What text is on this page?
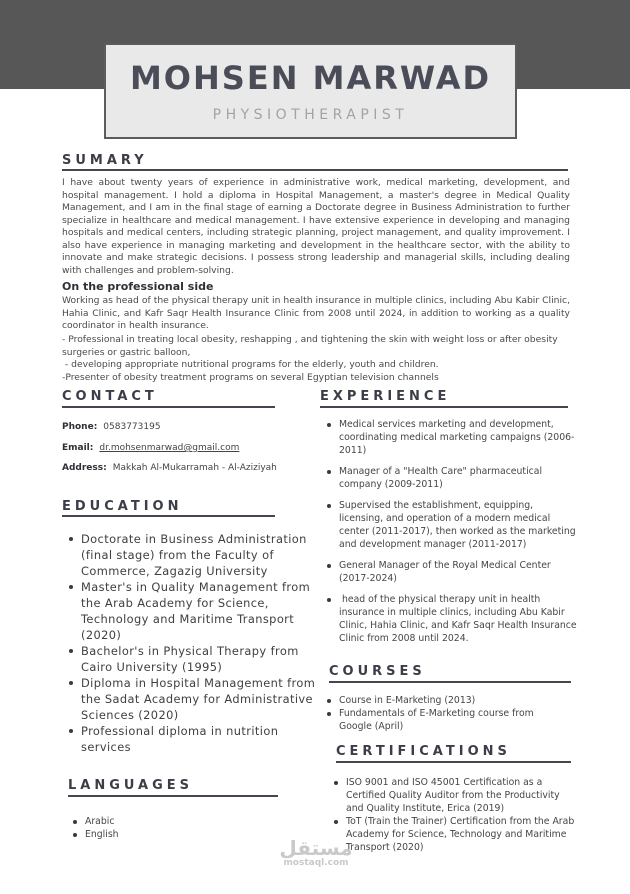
MOHSEN MARWAD
PHYSIOTHERAPIST
SUMARY
I have about twenty years of experience in administrative work, medical marketing, development, and hospital management. I hold a diploma in Hospital Management, a master's degree in Medical Quality Management, and I am in the final stage of earning a Doctorate degree in Business Administration to further specialize in healthcare and medical management. I have extensive experience in developing and managing hospitals and medical centers, including strategic planning, project management, and quality improvement. I also have experience in managing marketing and development in the healthcare sector, with the ability to innovate and make strategic decisions. I possess strong leadership and managerial skills, including dealing with challenges and problem-solving.
On the professional side
Working as head of the physical therapy unit in health insurance in multiple clinics, including Abu Kabir Clinic, Hahia Clinic, and Kafr Saqr Health Insurance Clinic from 2008 until 2024, in addition to working as a quality coordinator in health insurance.
- Professional in treating local obesity, reshapping , and tightening the skin with weight loss or after obesity surgeries or gastric balloon,
- developing appropriate nutritional programs for the elderly, youth and children.
-Presenter of obesity treatment programs on several Egyptian television channels
CONTACT
Phone: 0583773195
Email: dr.mohsenmarwad@gmail.com
Address: Makkah Al-Mukarramah - Al-Aziziyah
EDUCATION
Doctorate in Business Administration (final stage) from the Faculty of Commerce, Zagazig University
Master's in Quality Management from the Arab Academy for Science, Technology and Maritime Transport (2020)
Bachelor's in Physical Therapy from Cairo University (1995)
Diploma in Hospital Management from the Sadat Academy for Administrative Sciences (2020)
Professional diploma in nutrition services
LANGUAGES
Arabic
English
EXPERIENCE
Medical services marketing and development, coordinating medical marketing campaigns (2006-2011)
Manager of a "Health Care" pharmaceutical company (2009-2011)
Supervised the establishment, equipping, licensing, and operation of a modern medical center (2011-2017), then worked as the marketing and development manager (2011-2017)
General Manager of the Royal Medical Center (2017-2024)
head of the physical therapy unit in health insurance in multiple clinics, including Abu Kabir Clinic, Hahia Clinic, and Kafr Saqr Health Insurance Clinic from 2008 until 2024.
COURSES
Course in E-Marketing (2013)
Fundamentals of E-Marketing course from Google (April)
CERTIFICATIONS
ISO 9001 and ISO 45001 Certification as a Certified Quality Auditor from the Productivity and Quality Institute, Erica (2019)
ToT (Train the Trainer) Certification from the Arab Academy for Science, Technology and Maritime Transport (2020)
مستقل
mostaql.com
